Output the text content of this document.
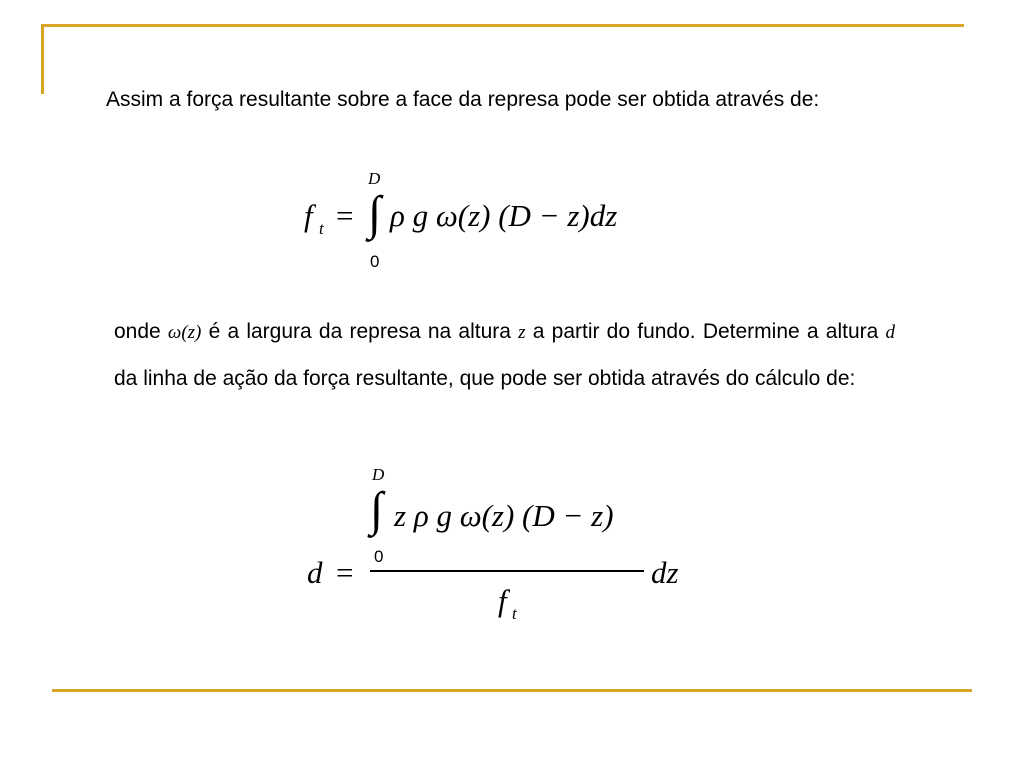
Assim a força resultante sobre a face da represa pode ser obtida através de:

f t =
D
∫
0
ρ g ω(z) (D − z)dz

onde ω(z) é a largura da represa na altura z a partir do fundo. Determine a altura d da linha de ação da força resultante, que pode ser obtida através do cálculo de:

d =
D
∫
0
z ρ g ω(z) (D − z)
f t
dz
